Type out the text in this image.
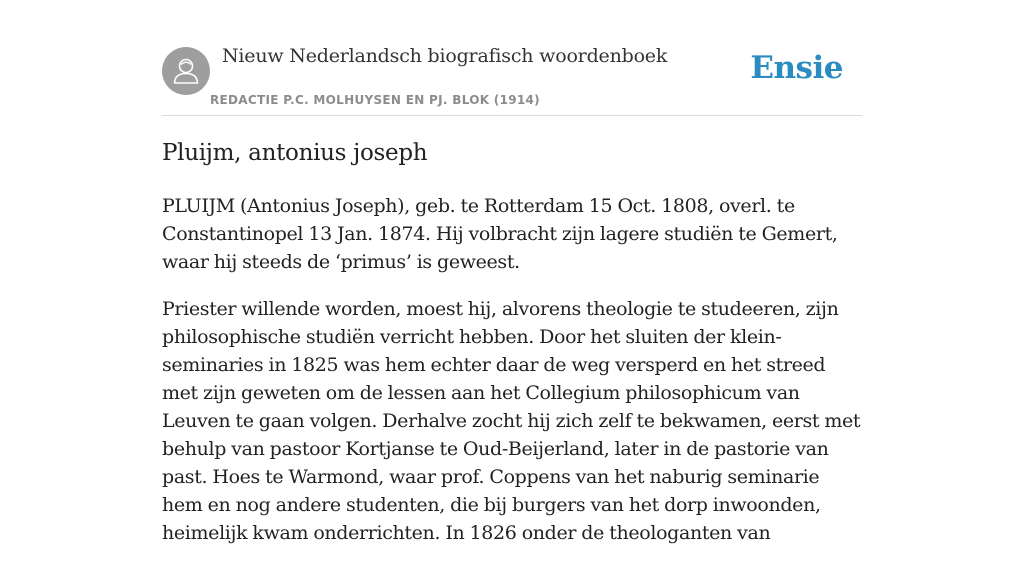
Nieuw Nederlandsch biografisch woordenboek
REDACTIE P.C. MOLHUYSEN EN PJ. BLOK (1914)
Ensie
Pluijm, antonius joseph

PLUIJM (Antonius Joseph), geb. te Rotterdam 15 Oct. 1808, overl. te Constantinopel 13 Jan. 1874. Hij volbracht zijn lagere studiën te Gemert, waar hij steeds de ‘primus’ is geweest.

Priester willende worden, moest hij, alvorens theologie te studeeren, zijn philosophische studiën verricht hebben. Door het sluiten der klein-seminaries in 1825 was hem echter daar de weg versperd en het streed met zijn geweten om de lessen aan het Collegium philosophicum van Leuven te gaan volgen. Derhalve zocht hij zich zelf te bekwamen, eerst met behulp van pastoor Kortjanse te Oud-Beijerland, later in de pastorie van past. Hoes te Warmond, waar prof. Coppens van het naburig seminarie hem en nog andere studenten, die bij burgers van het dorp inwoonden, heimelijk kwam onderrichten. In 1826 onder de theologanten van
